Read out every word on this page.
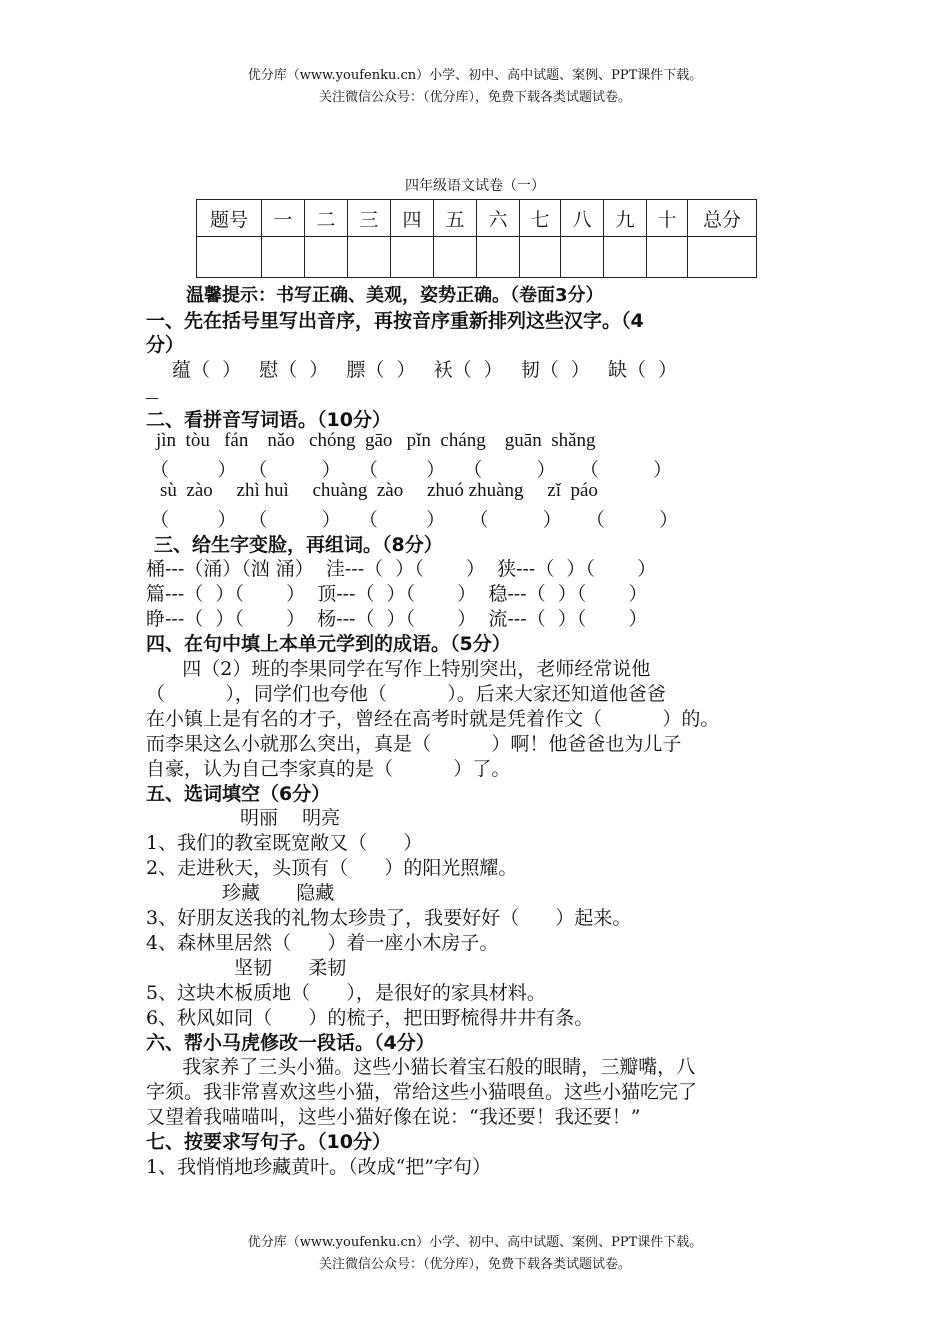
优分库（www.youfenku.cn）小学、初中、高中试题、案例、PPT课件下载。
关注微信公众号：（优分库），免费下载各类试题试卷。
四年级语文试卷（一）
题号	一	二	三	四	五	六	七	八	九	十	总分

温馨提示：书写正确、美观，姿势正确。（卷面3分）
一、先在括号里写出音序，再按音序重新排列这些汉字。（4
分）
蕴（  ）   慰（  ）   膘（  ）   袄（  ）   韧（  ）   缺（  ）
二、看拼音写词语。（10分）
jìn  tòu   fán    nǎo   chóng  gāo   pǐn  cháng    guān  shǎng
（        ）  （         ）   （        ）   （         ）    （         ）
sù  zào     zhì huì     chuàng  zào     zhuó zhuàng     zǐ  páo
（        ）  （         ）   （        ）    （         ）    （         ）
三、给生字变脸，再组词。（8分）
桶---（涌）（汹 涌）  洼---（  ）（       ）  狭---（  ）（       ）
篇---（  ）（       ）  顶---（  ）（       ）  稳---（  ）（       ）
睁---（  ）（       ）  杨---（  ）（       ）  流---（  ）（       ）
四、在句中填上本单元学到的成语。（5分）
四（2）班的李果同学在写作上特别突出，老师经常说他
（          ），同学们也夸他（          ）。后来大家还知道他爸爸
在小镇上是有名的才子，曾经在高考时就是凭着作文（          ）的。
而李果这么小就那么突出，真是（          ）啊！他爸爸也为儿子
自豪，认为自己李家真的是（          ）了。
五、选词填空（6分）
明丽    明亮
1、我们的教室既宽敞又（      ）
2、走进秋天，头顶有（      ）的阳光照耀。
珍藏      隐藏
3、好朋友送我的礼物太珍贵了，我要好好（      ）起来。
4、森林里居然（      ）着一座小木房子。
坚韧      柔韧
5、这块木板质地（      ），是很好的家具材料。
6、秋风如同（      ）的梳子，把田野梳得井井有条。
六、帮小马虎修改一段话。（4分）
我家养了三头小猫。这些小猫长着宝石般的眼睛，三瓣嘴，八
字须。我非常喜欢这些小猫，常给这些小猫喂鱼。这些小猫吃完了
又望着我喵喵叫，这些小猫好像在说：“我还要！我还要！”
七、按要求写句子。（10分）
1、我悄悄地珍藏黄叶。（改成“把”字句）
优分库（www.youfenku.cn）小学、初中、高中试题、案例、PPT课件下载。
关注微信公众号：（优分库），免费下载各类试题试卷。
